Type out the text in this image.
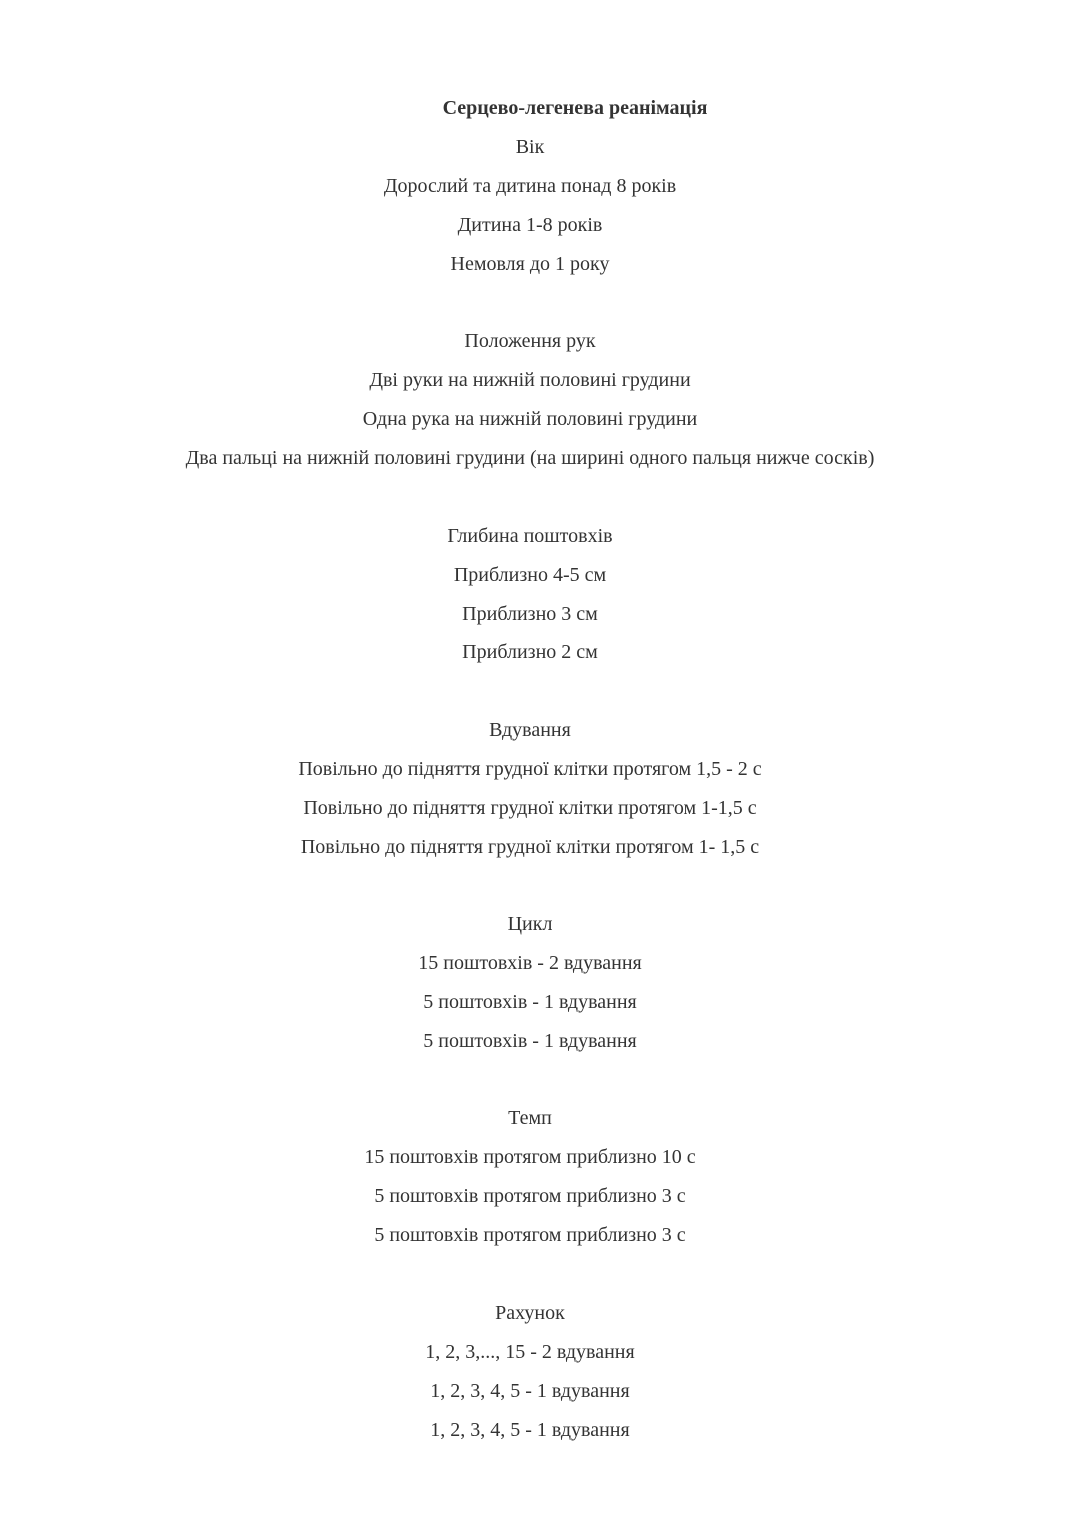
Серцево-легенева реанімація
Вік
Дорослий та дитина понад 8 років
Дитина 1-8 років
Немовля до 1 року
Положення рук
Дві руки на нижній половині грудини
Одна рука на нижній половині грудини
Два пальці на нижній половині грудини (на ширині одного пальця нижче сосків)
Глибина поштовхів
Приблизно 4-5 см
Приблизно 3 см
Приблизно 2 см
Вдування
Повільно до підняття грудної клітки протягом 1,5 - 2 с
Повільно до підняття грудної клітки протягом 1-1,5 с
Повільно до підняття грудної клітки протягом 1- 1,5 с
Цикл
15 поштовхів - 2 вдування
5 поштовхів - 1 вдування
5 поштовхів - 1 вдування
Темп
15 поштовхів протягом приблизно 10 с
5 поштовхів протягом приблизно 3 с
5 поштовхів протягом приблизно 3 с
Рахунок
1, 2, 3,..., 15 - 2 вдування
1, 2, 3, 4, 5 - 1 вдування
1, 2, 3, 4, 5 - 1 вдування
